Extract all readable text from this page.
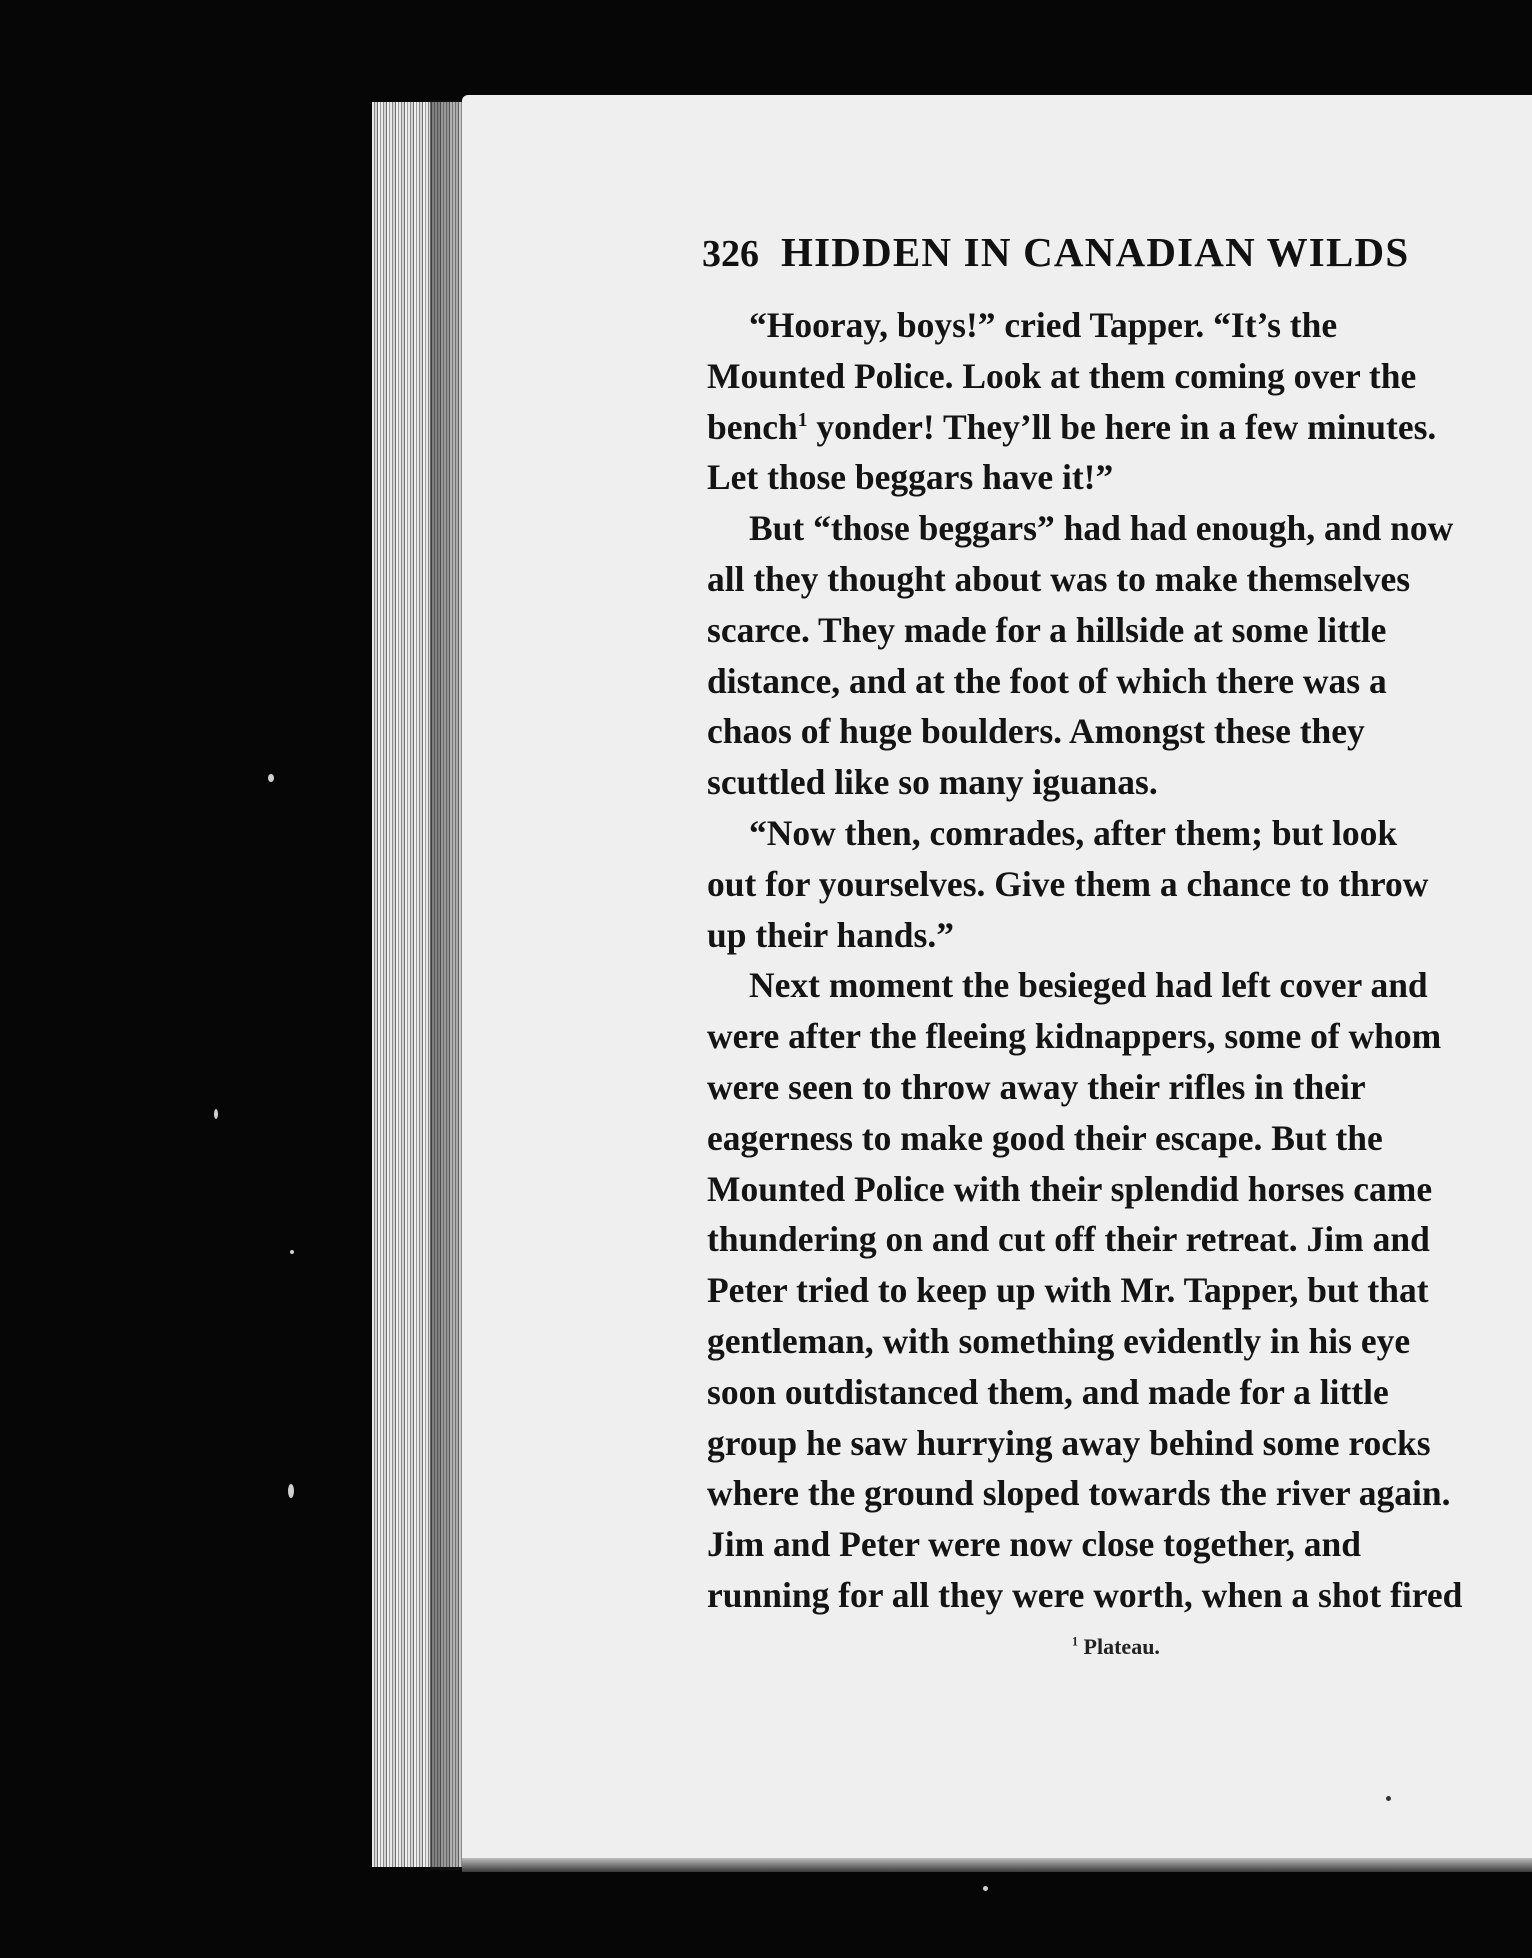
326 HIDDEN IN CANADIAN WILDS
“Hooray, boys!” cried Tapper. “It’s the
Mounted Police. Look at them coming over the
bench$^1$ yonder! They’ll be here in a few minutes.
Let those beggars have it!”
But “those beggars” had had enough, and now
all they thought about was to make themselves
scarce. They made for a hillside at some little
distance, and at the foot of which there was a
chaos of huge boulders. Amongst these they
scuttled like so many iguanas.
“Now then, comrades, after them; but look
out for yourselves. Give them a chance to throw
up their hands.”
Next moment the besieged had left cover and
were after the fleeing kidnappers, some of whom
were seen to throw away their rifles in their
eagerness to make good their escape. But the
Mounted Police with their splendid horses came
thundering on and cut off their retreat. Jim and
Peter tried to keep up with Mr. Tapper, but that
gentleman, with something evidently in his eye
soon outdistanced them, and made for a little
group he saw hurrying away behind some rocks
where the ground sloped towards the river again.
Jim and Peter were now close together, and
running for all they were worth, when a shot fired
$^1$ Plateau.
